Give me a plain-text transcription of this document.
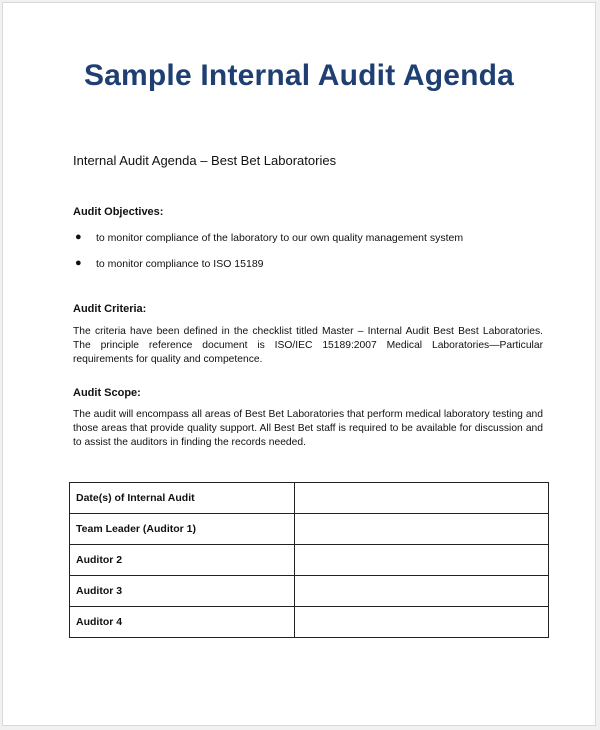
Sample Internal Audit Agenda
Internal Audit Agenda – Best Bet Laboratories
Audit Objectives:
● to monitor compliance of the laboratory to our own quality management system
● to monitor compliance to ISO 15189
Audit Criteria:

The criteria have been defined in the checklist titled Master – Internal Audit Best Best Laboratories. The principle reference document is ISO/IEC 15189:2007 Medical Laboratories—Particular requirements for quality and competence.

Audit Scope:

The audit will encompass all areas of Best Bet Laboratories that perform medical laboratory testing and those areas that provide quality support. All Best Bet staff is required to be available for discussion and to assist the auditors in finding the records needed.

Date(s) of Internal Audit	
Team Leader (Auditor 1)	
Auditor 2	
Auditor 3	
Auditor 4	
